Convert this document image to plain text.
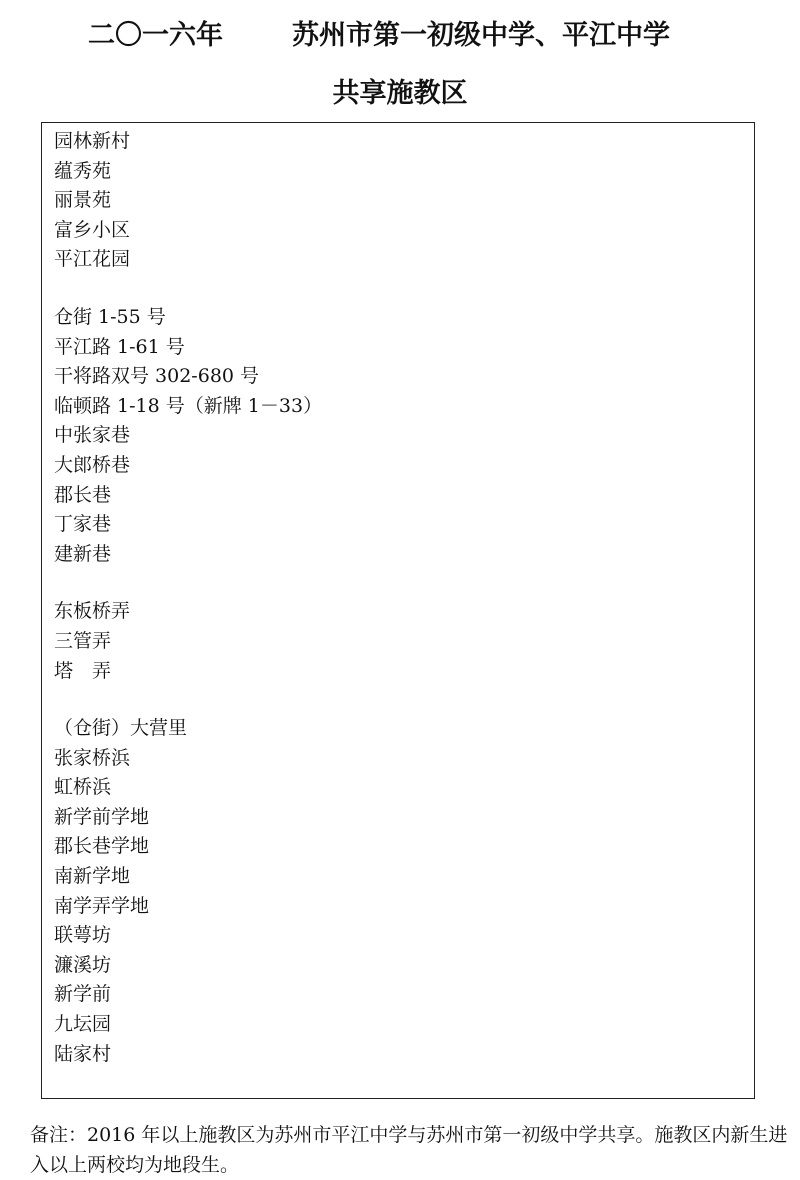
二〇一六年	苏州市第一初级中学、平江中学
共享施教区
园林新村
蕴秀苑
丽景苑
富乡小区
平江花园
仓街 1-55 号
平江路 1-61 号
干将路双号 302-680 号
临顿路 1-18 号（新牌 1－33）
中张家巷
大郎桥巷
郡长巷
丁家巷
建新巷
东板桥弄
三管弄
塔　弄
（仓街）大营里
张家桥浜
虹桥浜
新学前学地
郡长巷学地
南新学地
南学弄学地
联萼坊
濂溪坊
新学前
九坛园
陆家村
备注：2016 年以上施教区为苏州市平江中学与苏州市第一初级中学共享。施教区内新生进入以上两校均为地段生。
